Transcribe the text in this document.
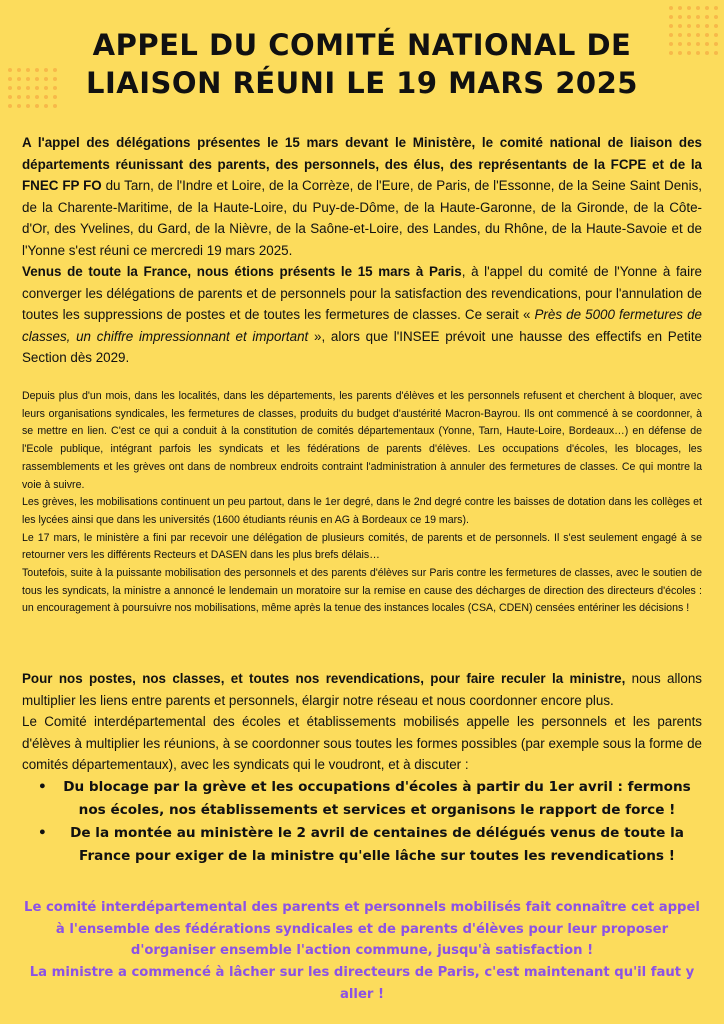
APPEL DU COMITÉ NATIONAL DE
LIAISON RÉUNI LE 19 MARS 2025
A l'appel des délégations présentes le 15 mars devant le Ministère, le comité national de liaison des départements réunissant des parents, des personnels, des élus, des représentants de la FCPE et de la FNEC FP FO du Tarn, de l'Indre et Loire, de la Corrèze, de l'Eure, de Paris, de l'Essonne, de la Seine Saint Denis, de la Charente-Maritime, de la Haute-Loire, du Puy-de-Dôme, de la Haute-Garonne, de la Gironde, de la Côte-d'Or, des Yvelines, du Gard, de la Nièvre, de la Saône-et-Loire, des Landes, du Rhône, de la Haute-Savoie et de l'Yonne s'est réuni ce mercredi 19 mars 2025.
Venus de toute la France, nous étions présents le 15 mars à Paris, à l'appel du comité de l'Yonne à faire converger les délégations de parents et de personnels pour la satisfaction des revendications, pour l'annulation de toutes les suppressions de postes et de toutes les fermetures de classes. Ce serait « Près de 5000 fermetures de classes, un chiffre impressionnant et important », alors que l'INSEE prévoit une hausse des effectifs en Petite Section dès 2029.
Depuis plus d'un mois, dans les localités, dans les départements, les parents d'élèves et les personnels refusent et cherchent à bloquer, avec leurs organisations syndicales, les fermetures de classes, produits du budget d'austérité Macron-Bayrou. Ils ont commencé à se coordonner, à se mettre en lien. C'est ce qui a conduit à la constitution de comités départementaux (Yonne, Tarn, Haute-Loire, Bordeaux…) en défense de l'Ecole publique, intégrant parfois les syndicats et les fédérations de parents d'élèves. Les occupations d'écoles, les blocages, les rassemblements et les grèves ont dans de nombreux endroits contraint l'administration à annuler des fermetures de classes. Ce qui montre la voie à suivre.
Les grèves, les mobilisations continuent un peu partout, dans le 1er degré, dans le 2nd degré contre les baisses de dotation dans les collèges et les lycées ainsi que dans les universités (1600 étudiants réunis en AG à Bordeaux ce 19 mars).
Le 17 mars, le ministère a fini par recevoir une délégation de plusieurs comités, de parents et de personnels. Il s'est seulement engagé à se retourner vers les différents Recteurs et DASEN dans les plus brefs délais…
Toutefois, suite à la puissante mobilisation des personnels et des parents d'élèves sur Paris contre les fermetures de classes, avec le soutien de tous les syndicats, la ministre a annoncé le lendemain un moratoire sur la remise en cause des décharges de direction des directeurs d'écoles : un encouragement à poursuivre nos mobilisations, même après la tenue des instances locales (CSA, CDEN) censées entériner les décisions !
Pour nos postes, nos classes, et toutes nos revendications, pour faire reculer la ministre, nous allons multiplier les liens entre parents et personnels, élargir notre réseau et nous coordonner encore plus.
Le Comité interdépartemental des écoles et établissements mobilisés appelle les personnels et les parents d'élèves à multiplier les réunions, à se coordonner sous toutes les formes possibles (par exemple sous la forme de comités départementaux), avec les syndicats qui le voudront, et à discuter :
• Du blocage par la grève et les occupations d'écoles à partir du 1er avril : fermons nos écoles, nos établissements et services et organisons le rapport de force !
• De la montée au ministère le 2 avril de centaines de délégués venus de toute la France pour exiger de la ministre qu'elle lâche sur toutes les revendications !
Le comité interdépartemental des parents et personnels mobilisés fait connaître cet appel à l'ensemble des fédérations syndicales et de parents d'élèves pour leur proposer d'organiser ensemble l'action commune, jusqu'à satisfaction !
La ministre a commencé à lâcher sur les directeurs de Paris, c'est maintenant qu'il faut y aller !
